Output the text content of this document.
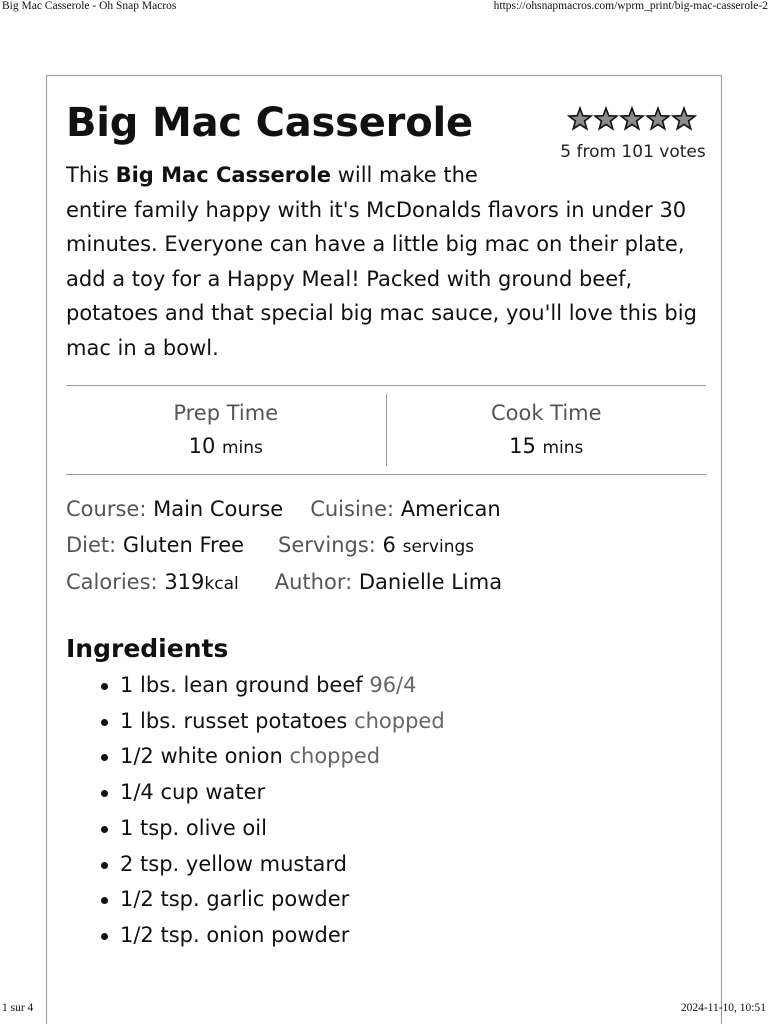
Big Mac Casserole - Oh Snap Macros	https://ohsnapmacros.com/wprm_print/big-mac-casserole-2
Big Mac Casserole
5 from 101 votes

This Big Mac Casserole will make the entire family happy with it's McDonalds flavors in under 30 minutes. Everyone can have a little big mac on their plate, add a toy for a Happy Meal! Packed with ground beef, potatoes and that special big mac sauce, you'll love this big mac in a bowl.

Prep Time
10 mins
Cook Time
15 mins
Course: Main Course Cuisine: American
Diet: Gluten Free Servings: 6 servings
Calories: 319kcal Author: Danielle Lima
Ingredients
1 lbs. lean ground beef 96/4
1 lbs. russet potatoes chopped
1/2 white onion chopped
1/4 cup water
1 tsp. olive oil
2 tsp. yellow mustard
1/2 tsp. garlic powder
1/2 tsp. onion powder
1 sur 4	2024-11-10, 10:51
